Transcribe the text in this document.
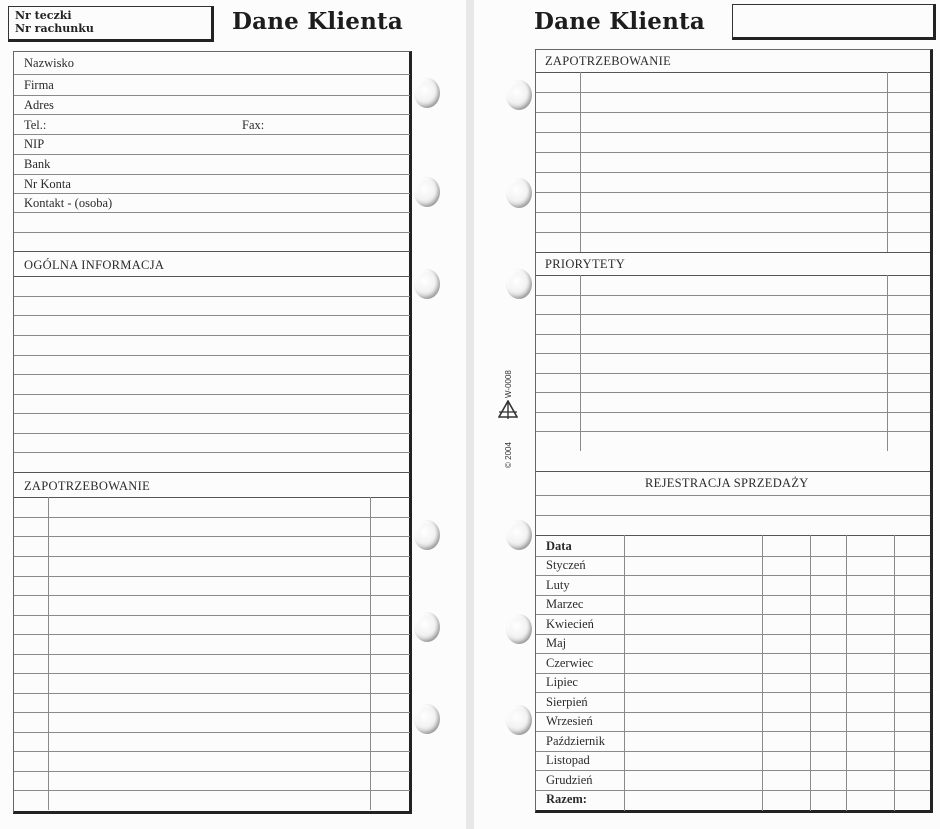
Nr teczki
Nr rachunku	Dane Klienta
Nazwisko
Firma
Adres
Tel.:	Fax:
NIP
Bank
Nr Konta
Kontakt - (osoba)
OGÓLNA INFORMACJA
ZAPOTRZEBOWANIE
Dane Klienta
© 2004
W-0008
ZAPOTRZEBOWANIE
PRIORYTETY
REJESTRACJA SPRZEDAŻY
Data
Styczeń
Luty
Marzec
Kwiecień
Maj
Czerwiec
Lipiec
Sierpień
Wrzesień
Październik
Listopad
Grudzień
Razem:
